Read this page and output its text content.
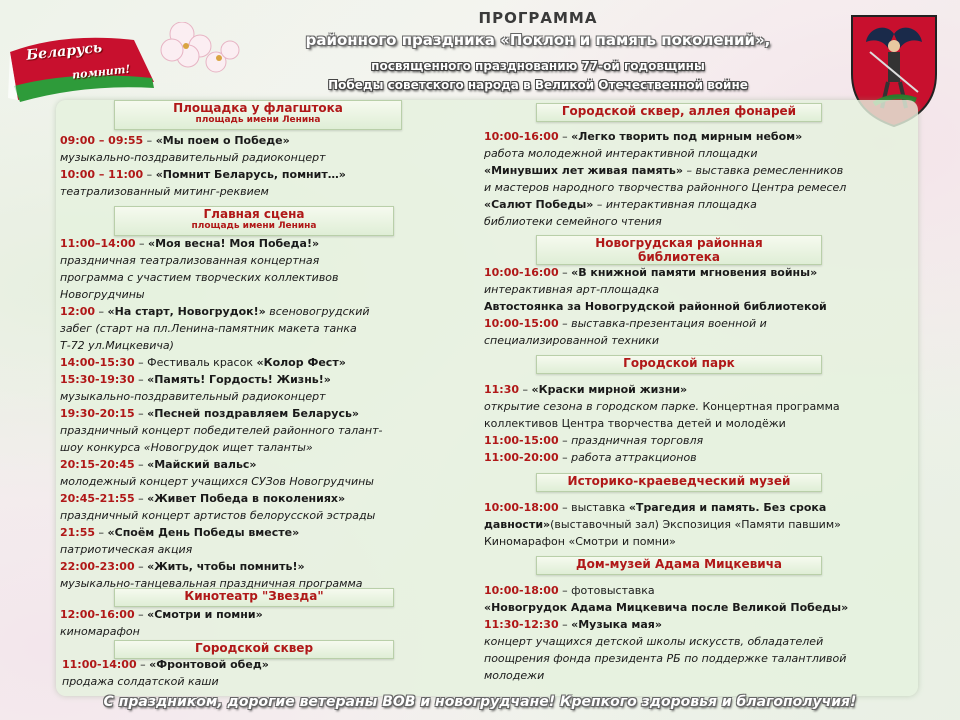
Беларусь
помнит!
ПРОГРАММА
районного праздника «Поклон и память поколений»,
посвященного празднованию 77-ой годовщины
Победы советского народа в Великой Отечественной войне
Площадка у флагштока
площадь имени Ленина
Главная сцена
площадь имени Ленина
Кинотеатр "Звезда"
Городской сквер
09:00 – 09:55 – «Мы поем о Победе»
музыкально-поздравительный радиоконцерт
10:00 – 11:00 – «Помнит Беларусь, помнит…»
театрализованный митинг-реквием
11:00–14:00 – «Моя весна! Моя Победа!»
праздничная театрализованная концертная
программа с участием творческих коллективов
Новогрудчины
12:00 – «На старт, Новогрудок!» всеновогрудский
забег (старт на пл.Ленина-памятник макета танка
Т-72 ул.Мицкевича)
14:00-15:30 – Фестиваль красок «Колор Фест»
15:30-19:30 – «Память! Гордость! Жизнь!»
музыкально-поздравительный радиоконцерт
19:30-20:15 – «Песней поздравляем Беларусь»
праздничный концерт победителей районного талант-
шоу конкурса «Новогрудок ищет таланты»
20:15-20:45 – «Майский вальс»
молодежный концерт учащихся СУЗов Новогрудчины
20:45-21:55 – «Живет Победа в поколениях»
праздничный концерт артистов белорусской эстрады
21:55 – «Споём День Победы вместе»
патриотическая акция
22:00-23:00 – «Жить, чтобы помнить!»
музыкально-танцевальная праздничная программа
12:00-16:00 – «Смотри и помни»
киномарафон
11:00-14:00 – «Фронтовой обед»
продажа солдатской каши
Городской сквер, аллея фонарей
Новогрудская районная
библиотека
Городской парк
Историко-краеведческий музей
Дом-музей Адама Мицкевича
10:00-16:00 – «Легко творить под мирным небом»
работа молодежной интерактивной площадки
«Минувших лет живая память» – выставка ремесленников
и мастеров народного творчества районного Центра ремесел
«Салют Победы» – интерактивная площадка
библиотеки семейного чтения
10:00-16:00 – «В книжной памяти мгновения войны»
интерактивная арт-площадка
Автостоянка за Новогрудской районной библиотекой
10:00-15:00 – выставка-презентация военной и
специализированной техники
11:30 – «Краски мирной жизни»
открытие сезона в городском парке. Концертная программа
коллективов Центра творчества детей и молодёжи
11:00-15:00 – праздничная торговля
11:00-20:00 – работа аттракционов
10:00-18:00 – выставка «Трагедия и память. Без срока
давности»(выставочный зал) Экспозиция «Памяти павшим»
Киномарафон «Смотри и помни»
10:00-18:00 – фотовыставка
«Новогрудок Адама Мицкевича после Великой Победы»
11:30-12:30 – «Музыка мая»
концерт учащихся детской школы искусств, обладателей
поощрения фонда президента РБ по поддержке талантливой
молодежи
С праздником, дорогие ветераны ВОВ и новогрудчане! Крепкого здоровья и благополучия!
